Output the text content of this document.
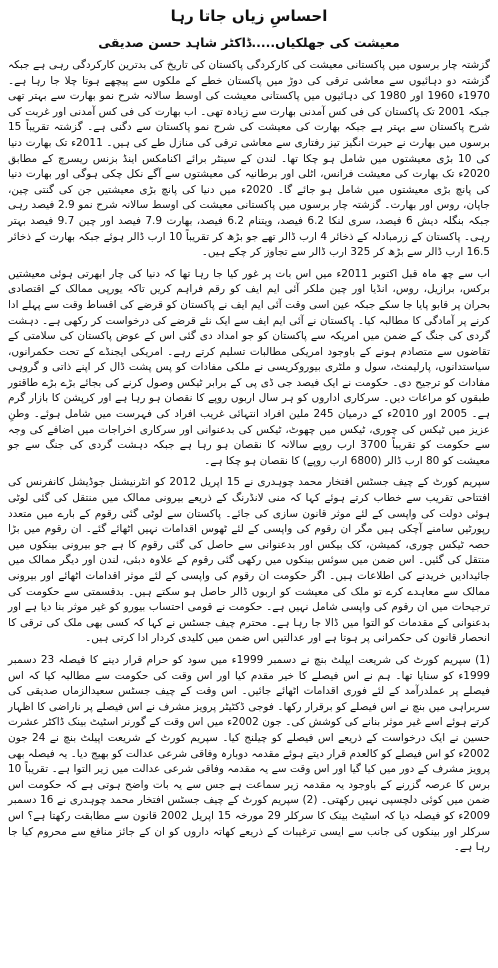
احساسِ زیاں جاتا رہا
معیشت کی جھلکیاں.....ڈاکٹر شاہد حسن صدیقی

گزشتہ چار برسوں میں پاکستانی معیشت کی کارکردگی پاکستان کی تاریخ کی بدترین کارکردگی رہی ہے جبکہ گزشتہ دو دہائیوں سے معاشی ترقی کی دوڑ میں پاکستان خطے کے ملکوں سے پیچھے ہوتا چلا جا رہا ہے۔ 1970ء 1960 اور 1980 کی دہائیوں میں پاکستانی معیشت کی اوسط سالانہ شرح نمو بھارت سے بہتر تھی جبکہ 2001 تک پاکستان کی فی کس آمدنی بھارت سے زیادہ تھی۔ اب بھارت کی فی کس آمدنی اور غربت کی شرح پاکستان سے بہتر ہے جبکہ بھارت کی معیشت کی شرح نمو پاکستان سے دگنی ہے۔ گزشتہ تقریباً 15 برسوں میں بھارت نے حیرت انگیز تیز رفتاری سے معاشی ترقی کی منازل طے کی ہیں۔ 2011ء تک بھارت دنیا کی 10 بڑی معیشتوں میں شامل ہو چکا تھا۔ لندن کے سینٹر برائے اکنامکس اینڈ بزنس ریسرچ کے مطابق 2020ء تک بھارت کی معیشت فرانس، اٹلی اور برطانیہ کی معیشتوں سے آگے نکل چکی ہوگی اور بھارت دنیا کی پانچ بڑی معیشتوں میں شامل ہو جائے گا۔ 2020ء میں دنیا کی پانچ بڑی معیشتیں جن کی گنتی چین، جاپان، روس اور بھارت۔ گزشتہ چار برسوں میں پاکستانی معیشت کی اوسط سالانہ شرح نمو 2.9 فیصد رہی جبکہ بنگلہ دیش 6 فیصد، سری لنکا 6.2 فیصد، ویتنام 6.2 فیصد، بھارت 7.9 فیصد اور چین 9.7 فیصد بہتر رہی۔ پاکستان کے زرمبادلہ کے ذخائر 4 ارب ڈالر تھے جو بڑھ کر تقریباً 10 ارب ڈالر ہوئے جبکہ بھارت کے ذخائر 16.5 ارب ڈالر سے بڑھ کر 325 ارب ڈالر سے تجاوز کر چکے ہیں۔

اب سے چھ ماہ قبل اکتوبر 2011ء میں اس بات پر غور کیا جا رہا تھا کہ دنیا کی چار ابھرتی ہوئی معیشتیں برکس، برازیل، روس، انڈیا اور چین ملکر آئی ایم ایف کو رقم فراہم کریں تاکہ یورپی ممالک کے اقتصادی بحران پر قابو پایا جا سکے جبکہ عین اسی وقت آئی ایم ایف نے پاکستان کو قرضے کی اقساط وقت سے پہلے ادا کرنے پر آمادگی کا مطالبہ کیا۔ پاکستان نے آئی ایم ایف سے ایک نئے قرضے کی درخواست کر رکھی ہے۔ دہشت گردی کی جنگ کے ضمن میں امریکہ سے پاکستان کو جو امداد دی گئی اس کے عوض پاکستان کی سلامتی کے تقاضوں سے متصادم ہونے کے باوجود امریکی مطالبات تسلیم کرتے رہے۔ امریکی ایجنڈے کے تحت حکمرانوں، سیاستدانوں، پارلیمنٹ، سول و ملٹری بیوروکریسی نے ملکی مفادات کو پس پشت ڈال کر اپنے ذاتی و گروہی مفادات کو ترجیح دی۔ حکومت نے ایک فیصد جی ڈی پی کے برابر ٹیکس وصول کرنے کی بجائے بڑے بڑے طاقتور طبقوں کو مراعات دیں۔ سرکاری اداروں کو ہر سال اربوں روپے کا نقصان ہو رہا ہے اور کرپشن کا بازار گرم ہے۔ 2005 اور 2010ء کے درمیان 245 ملین افراد انتہائی غریب افراد کی فہرست میں شامل ہوئے۔ وطنِ عزیز میں ٹیکس کی چوری، ٹیکس میں چھوٹ، ٹیکس کی بدعنوانی اور سرکاری اخراجات میں اضافے کی وجہ سے حکومت کو تقریباً 3700 ارب روپے سالانہ کا نقصان ہو رہا ہے جبکہ دہشت گردی کی جنگ سے جو معیشت کو 80 ارب ڈالر (6800 ارب روپے) کا نقصان ہو چکا ہے۔

سپریم کورٹ کے چیف جسٹس افتخار محمد چوہدری نے 15 اپریل 2012 کو انٹرنیشنل جوڈیشل کانفرنس کی افتتاحی تقریب سے خطاب کرتے ہوئے کہا کہ منی لانڈرنگ کے ذریعے بیرونی ممالک میں منتقل کی گئی لوٹی ہوئی دولت کی واپسی کے لئے موثر قانون سازی کی جائے۔ پاکستان سے لوٹی گئی رقوم کے بارے میں متعدد رپورٹیں سامنے آچکی ہیں مگر ان رقوم کی واپسی کے لئے ٹھوس اقدامات نہیں اٹھائے گئے۔ ان رقوم میں بڑا حصہ ٹیکس چوری، کمیشن، کک بیکس اور بدعنوانی سے حاصل کی گئی رقوم کا ہے جو بیرونی بینکوں میں منتقل کی گئیں۔ اس ضمن میں سوئس بینکوں میں رکھی گئی رقوم کے علاوہ دبئی، لندن اور دیگر ممالک میں جائیدادیں خریدنے کی اطلاعات ہیں۔ اگر حکومت ان رقوم کی واپسی کے لئے موثر اقدامات اٹھائے اور بیرونی ممالک سے معاہدے کرے تو ملک کی معیشت کو اربوں ڈالر حاصل ہو سکتے ہیں۔ بدقسمتی سے حکومت کی ترجیحات میں ان رقوم کی واپسی شامل نہیں ہے۔ حکومت نے قومی احتساب بیورو کو غیر موثر بنا دیا ہے اور بدعنوانی کے مقدمات کو التوا میں ڈالا جا رہا ہے۔ محترم چیف جسٹس نے کہا کہ کسی بھی ملک کی ترقی کا انحصار قانون کی حکمرانی پر ہوتا ہے اور عدالتیں اس ضمن میں کلیدی کردار ادا کرتی ہیں۔

(1) سپریم کورٹ کی شریعت ایپلٹ بنچ نے دسمبر 1999ء میں سود کو حرام قرار دینے کا فیصلہ 23 دسمبر 1999ء کو سنایا تھا۔ ہم نے اس فیصلے کا خیر مقدم کیا اور اس وقت کی حکومت سے مطالبہ کیا کہ اس فیصلے پر عملدرآمد کے لئے فوری اقدامات اٹھائے جائیں۔ اس وقت کے چیف جسٹس سعیدالزماں صدیقی کی سربراہی میں بنچ نے اس فیصلے کو برقرار رکھا۔ فوجی ڈکٹیٹر پرویز مشرف نے اس فیصلے پر ناراضی کا اظہار کرتے ہوئے اسے غیر موثر بنانے کی کوشش کی۔ جون 2002ء میں اس وقت کے گورنر اسٹیٹ بینک ڈاکٹر عشرت حسین نے ایک درخواست کے ذریعے اس فیصلے کو چیلنج کیا۔ سپریم کورٹ کے شریعت اپیلٹ بنچ نے 24 جون 2002ء کو اس فیصلے کو کالعدم قرار دیتے ہوئے مقدمہ دوبارہ وفاقی شرعی عدالت کو بھیج دیا۔ یہ فیصلہ بھی پرویز مشرف کے دور میں کیا گیا اور اس وقت سے یہ مقدمہ وفاقی شرعی عدالت میں زیر التوا ہے۔ تقریباً 10 برس کا عرصہ گزرنے کے باوجود یہ مقدمہ زیر سماعت ہے جس سے یہ بات واضح ہوتی ہے کہ حکومت اس ضمن میں کوئی دلچسپی نہیں رکھتی۔ (2) سپریم کورٹ کے چیف جسٹس افتخار محمد چوہدری نے 16 دسمبر 2009ء کو فیصلہ دیا کہ اسٹیٹ بینک کا سرکلر 29 مورخہ 15 اپریل 2002 قانون سے مطابقت رکھتا ہے؟ اس سرکلر اور بینکوں کی جانب سے ایسی ترغیبات کے ذریعے کھاتہ داروں کو ان کے جائز منافع سے محروم کیا جا رہا ہے۔
